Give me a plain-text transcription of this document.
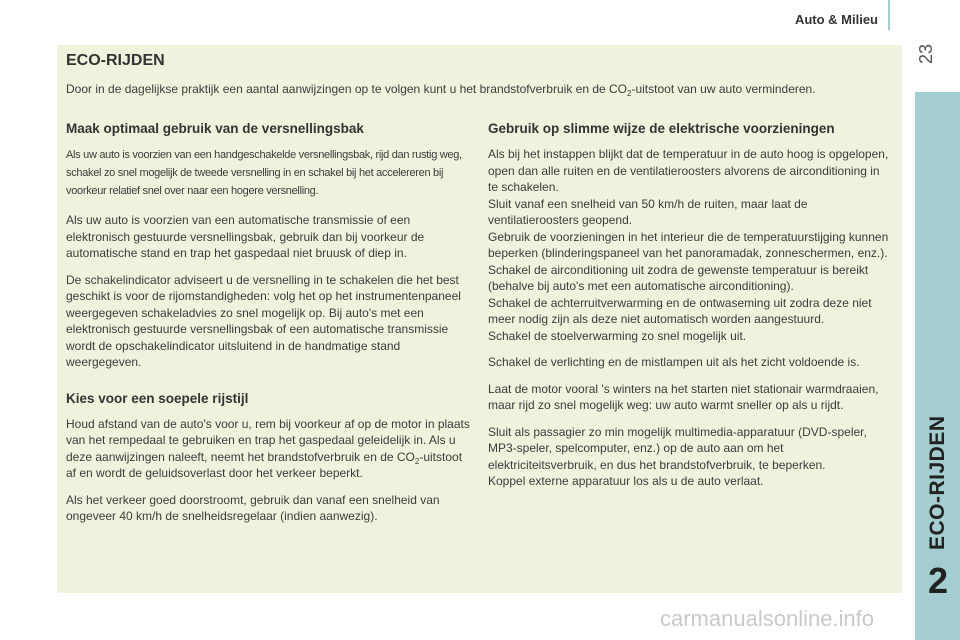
Auto & Milieu
23
ECO-RIJDEN
2
ECO-RIJDEN

Door in de dagelijkse praktijk een aantal aanwijzingen op te volgen kunt u het brandstofverbruik en de $CO_2$-uitstoot van uw auto verminderen.

Maak optimaal gebruik van de versnellingsbak

Als uw auto is voorzien van een handgeschakelde versnellingsbak, rijd dan rustig weg, schakel zo snel mogelijk de tweede versnelling in en schakel bij het accelereren bij voorkeur relatief snel over naar een hogere versnelling.

Als uw auto is voorzien van een automatische transmissie of een elektronisch gestuurde versnellingsbak, gebruik dan bij voorkeur de automatische stand en trap het gaspedaal niet bruusk of diep in.

De schakelindicator adviseert u de versnelling in te schakelen die het best geschikt is voor de rijomstandigheden: volg het op het instrumentenpaneel weergegeven schakeladvies zo snel mogelijk op. Bij auto's met een elektronisch gestuurde versnellingsbak of een automatische transmissie wordt de opschakelindicator uitsluitend in de handmatige stand weergegeven.

Kies voor een soepele rijstijl

Houd afstand van de auto's voor u, rem bij voorkeur af op de motor in plaats van het rempedaal te gebruiken en trap het gaspedaal geleidelijk in. Als u deze aanwijzingen naleeft, neemt het brandstofverbruik en de $CO_2$-uitstoot af en wordt de geluidsoverlast door het verkeer beperkt.

Als het verkeer goed doorstroomt, gebruik dan vanaf een snelheid van ongeveer 40 km/h de snelheidsregelaar (indien aanwezig).

Gebruik op slimme wijze de elektrische voorzieningen

Als bij het instappen blijkt dat de temperatuur in de auto hoog is opgelopen, open dan alle ruiten en de ventilatieroosters alvorens de airconditioning in te schakelen.
Sluit vanaf een snelheid van 50 km/h de ruiten, maar laat de ventilatieroosters geopend.
Gebruik de voorzieningen in het interieur die de temperatuurstijging kunnen beperken (blinderingspaneel van het panoramadak, zonneschermen, enz.).
Schakel de airconditioning uit zodra de gewenste temperatuur is bereikt (behalve bij auto's met een automatische airconditioning).
Schakel de achterruitverwarming en de ontwaseming uit zodra deze niet meer nodig zijn als deze niet automatisch worden aangestuurd.
Schakel de stoelverwarming zo snel mogelijk uit.

Schakel de verlichting en de mistlampen uit als het zicht voldoende is.

Laat de motor vooral 's winters na het starten niet stationair warmdraaien, maar rijd zo snel mogelijk weg: uw auto warmt sneller op als u rijdt.

Sluit als passagier zo min mogelijk multimedia-apparatuur (DVD-speler, MP3-speler, spelcomputer, enz.) op de auto aan om het elektriciteitsverbruik, en dus het brandstofverbruik, te beperken.
Koppel externe apparatuur los als u de auto verlaat.

carmanualsonline.info
